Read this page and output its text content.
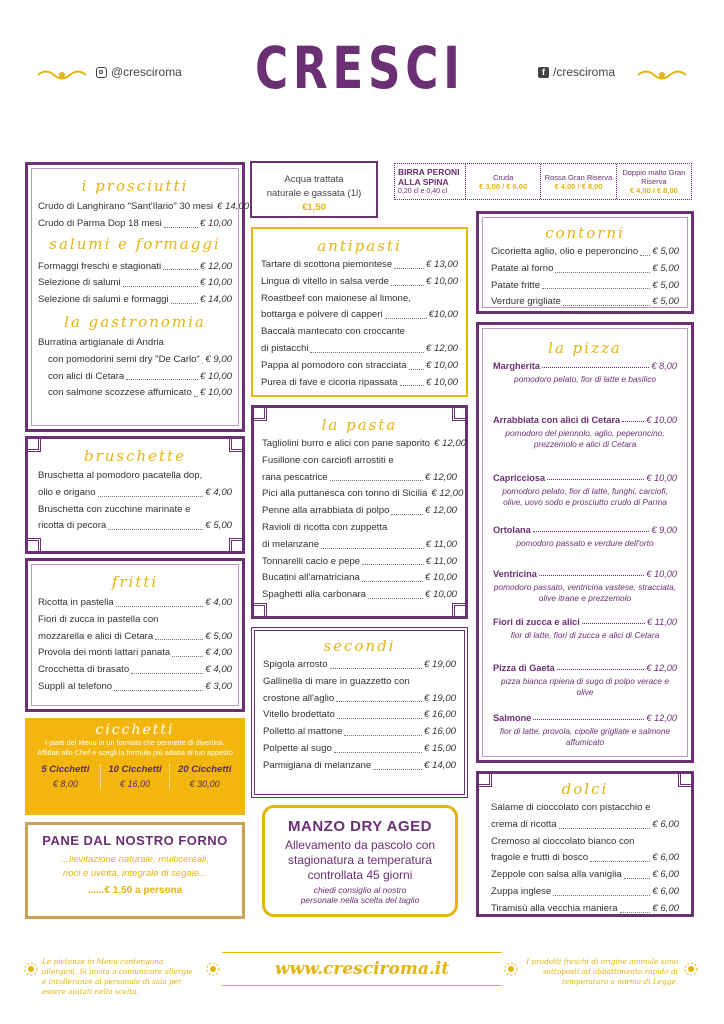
@cresciroma CRESCI	f /cresciroma
Acqua trattata
naturale e gassata (1l)
€1,50
BIRRA PERONI ALLA SPINA
0,20 cl e 0,40 cl
Cruda
€ 3,00 / € 6,00
Rossa Gran Riserva
€ 4,00 / € 8,00
Doppio malto Gran Riserva
€ 4,00 / € 8,00
i prosciutti
Crudo di Langhirano "Sant'Ilario" 30 mesi € 14,00
Crudo di Parma Dop 18 mesi	€ 10,00
salumi e formaggi
Formaggi freschi e stagionati	€ 12,00
Selezione di salumi	€ 10,00
Selezione di salumi e formaggi	€ 14,00
la gastronomia
Burratina artigianale di Andria
con pomodorini semi dry "De Carlo" € 9,00
con alici di Cetara	€ 10,00
con salmone scozzese affumicato € 10,00
bruschette
Bruschetta al pomodoro pacatella dop,
olio e origano	€ 4,00
Bruschetta con zucchine marinate e
ricotta di pecora	€ 5,00
fritti
Ricotta in pastella	€ 4,00
Fiori di zucca in pastella con
mozzarella e alici di Cetara	€ 5,00
Provola dei monti lattari panata	€ 4,00
Crocchetta di brasato	€ 4,00
Supplì al telefono	€ 3,00
cicchetti
I piatti del Menu in un formato che permette di divertirsi.
Affidati allo Chef e scegli la formula più adatta al tuo appetito
5 Cicchetti
€ 8,00
10 Cicchetti
€ 16,00
20 Cicchetti
€ 30,00
PANE DAL NOSTRO FORNO
...lievitazione naturale, multicereali,
noci e uvetta, integrale di segale...
......€ 1,50 a persona
antipasti
Tartare di scottona piemontese	€ 13,00
Lingua di vitello in salsa verde	€ 10,00
Roastbeef con maionese al limone,
bottarga e polvere di capperi	€10,00
Baccalà mantecato con croccante
di pistacchi	€ 12,00
Pappa al pomodoro con stracciata € 10,00
Purea di fave e cicoria ripassata	€ 10,00
la pasta
Tagliolini burro e alici con pane saporito € 12,00
Fusillone con carciofi arrostiti e
rana pescatrice	€ 12,00
Pici alla puttanesca con tonno di Sicilia € 12,00
Penne alla arrabbiata di polpo	€ 12,00
Ravioli di ricotta con zuppetta
di melanzane	€ 11,00
Tonnarelli cacio e pepe	€ 11,00
Bucatini all'amatriciana	€ 10,00
Spaghetti alla carbonara	€ 10,00
secondi
Spigola arrosto	€ 19,00
Gallinella di mare in guazzetto con
crostone all'aglio	€ 19,00
Vitello brodettato	€ 16,00
Polletto al mattone	€ 16,00
Polpette al sugo	€ 15,00
Parmigiana di melanzane	€ 14,00
MANZO DRY AGED
Allevamento da pascolo con
stagionatura a temperatura
controllata 45 giorni
chiedi consiglio al nostro
personale nella scelta del taglio
contorni
Cicorietta aglio, olio e peperoncino € 5,00
Patate al forno	€ 5,00
Patate fritte	€ 5,00
Verdure grigliate	€ 5,00
la pizza
Margherita	€ 8,00
pomodoro pelato, fior di latte e basilico
Arrabbiata con alici di Cetara	€ 10,00
pomodoro del piennolo, aglio, peperoncino, prezzemolo e alici di Cetara
Capricciosa	€ 10,00
pomodoro pelato, fior di latte, funghi, carciofi, olive, uovo sodo e prosciutto crudo di Parma
Ortolana	€ 9,00
pomodoro passato e verdure dell'orto
Ventricina	€ 10,00
pomodoro passato, ventricina vastese, stracciata, olive itrane e prezzemolo
Fiori di zucca e alici	€ 11,00
fior di latte, fiori di zucca e alici di Cetara
Pizza di Gaeta	€ 12,00
pizza bianca ripiena di sugo di polpo verace e olive
Salmone	€ 12,00
fior di latte, provola, cipolle grigliate e salmone affumicato
dolci
Salame di cioccolato con pistacchio e
crema di ricotta	€ 6,00
Cremoso al cioccolato bianco con
fragole e frutti di bosco	€ 6,00
Zeppole con salsa alla vaniglia	€ 6,00
Zuppa inglese	€ 6,00
Tiramisù alla vecchia maniera	€ 6,00
Le pietanze in Menu contengono allergeni. Si invita a comunicare allergie e intolleranze al personale di sala per essere aiutati nella scelta.
www.cresciroma.it	I prodotti freschi di origine animale sono sottoposti ad abbattimento rapido di temperatura a norma di Legge.
